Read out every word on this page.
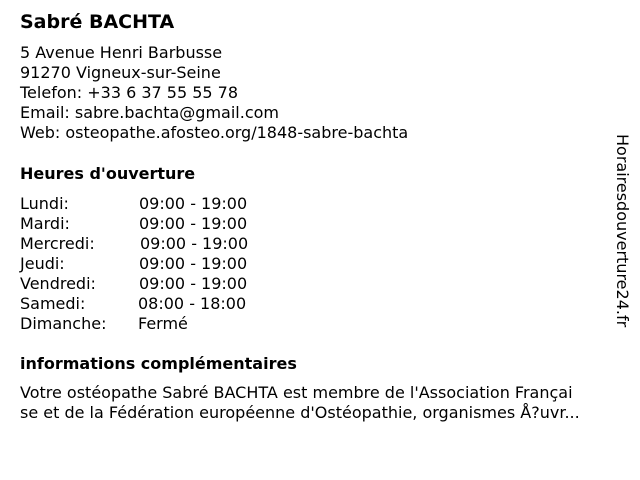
Sabré BACHTA
5 Avenue Henri Barbusse
91270 Vigneux-sur-Seine
Telefon: +33 6 37 55 55 78
Email: sabre.bachta@gmail.com
Web: osteopathe.afosteo.org/1848-sabre-bachta
Heures d'ouverture
Lundi:	09:00 - 19:00
Mardi:	09:00 - 19:00
Mercredi:	09:00 - 19:00
Jeudi:	09:00 - 19:00
Vendredi:	09:00 - 19:00
Samedi:	08:00 - 18:00
Dimanche: Fermé
informations complémentaires
Votre ostéopathe Sabré BACHTA est membre de l'Association Françai
se et de la Fédération européenne d'Ostéopathie, organismes Å?uvr...
Horairesdouverture24.fr
